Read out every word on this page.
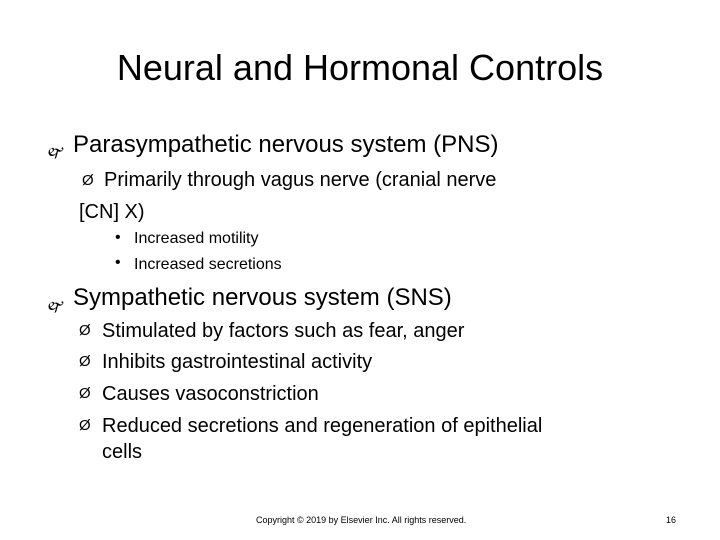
Neural and Hormonal Controls
🙰 Parasympathetic nervous system (PNS)
Ø Primarily through vagus nerve (cranial nerve
[CN] X)
• Increased motility
• Increased secretions
🙰 Sympathetic nervous system (SNS)
Ø Stimulated by factors such as fear, anger
Ø Inhibits gastrointestinal activity
Ø Causes vasoconstriction
Ø Reduced secretions and regeneration of epithelial
cells
Copyright © 2019 by Elsevier Inc. All rights reserved.	16
